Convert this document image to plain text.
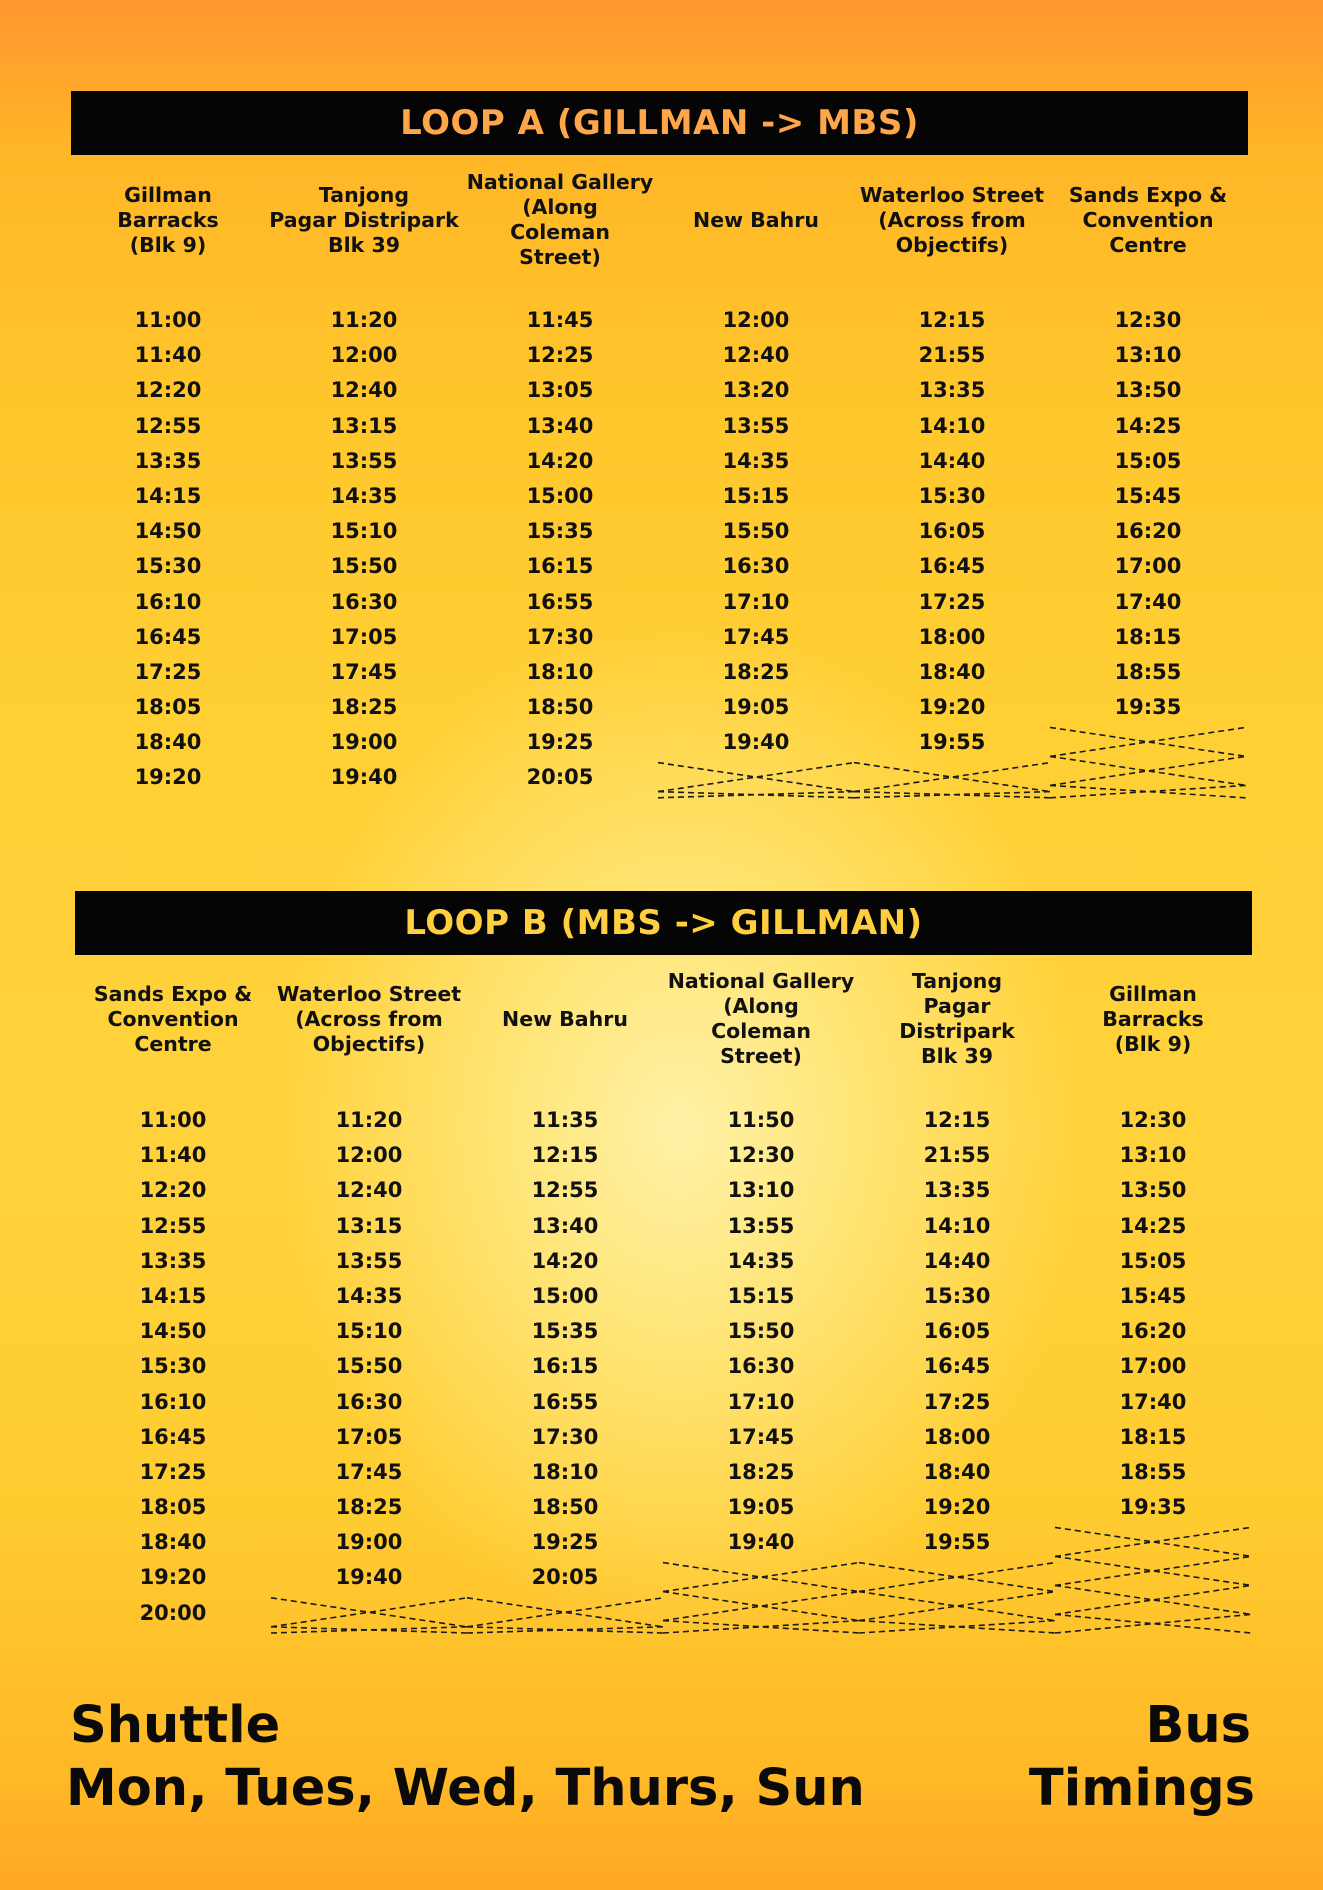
LOOP A (GILLMAN -> MBS)
Gillman
Barracks
(Blk 9)
11:00
11:40
12:20
12:55
13:35
14:15
14:50
15:30
16:10
16:45
17:25
18:05
18:40
19:20
Tanjong
Pagar Distripark
Blk 39
11:20
12:00
12:40
13:15
13:55
14:35
15:10
15:50
16:30
17:05
17:45
18:25
19:00
19:40
National Gallery
(Along
Coleman
Street)
11:45
12:25
13:05
13:40
14:20
15:00
15:35
16:15
16:55
17:30
18:10
18:50
19:25
20:05
New Bahru
12:00
12:40
13:20
13:55
14:35
15:15
15:50
16:30
17:10
17:45
18:25
19:05
19:40
Waterloo Street
(Across from
Objectifs)
12:15
21:55
13:35
14:10
14:40
15:30
16:05
16:45
17:25
18:00
18:40
19:20
19:55
Sands Expo &
Convention
Centre
12:30
13:10
13:50
14:25
15:05
15:45
16:20
17:00
17:40
18:15
18:55
19:35
LOOP B (MBS -> GILLMAN)
Sands Expo &
Convention
Centre
11:00
11:40
12:20
12:55
13:35
14:15
14:50
15:30
16:10
16:45
17:25
18:05
18:40
19:20
20:00
Waterloo Street
(Across from
Objectifs)
11:20
12:00
12:40
13:15
13:55
14:35
15:10
15:50
16:30
17:05
17:45
18:25
19:00
19:40
New Bahru
11:35
12:15
12:55
13:40
14:20
15:00
15:35
16:15
16:55
17:30
18:10
18:50
19:25
20:05
National Gallery
(Along
Coleman
Street)
11:50
12:30
13:10
13:55
14:35
15:15
15:50
16:30
17:10
17:45
18:25
19:05
19:40
Tanjong
Pagar
Distripark
Blk 39
12:15
21:55
13:35
14:10
14:40
15:30
16:05
16:45
17:25
18:00
18:40
19:20
19:55
Gillman
Barracks
(Blk 9)
12:30
13:10
13:50
14:25
15:05
15:45
16:20
17:00
17:40
18:15
18:55
19:35
Shuttle
Mon, Tues, Wed, Thurs, Sun
Bus
Timings
